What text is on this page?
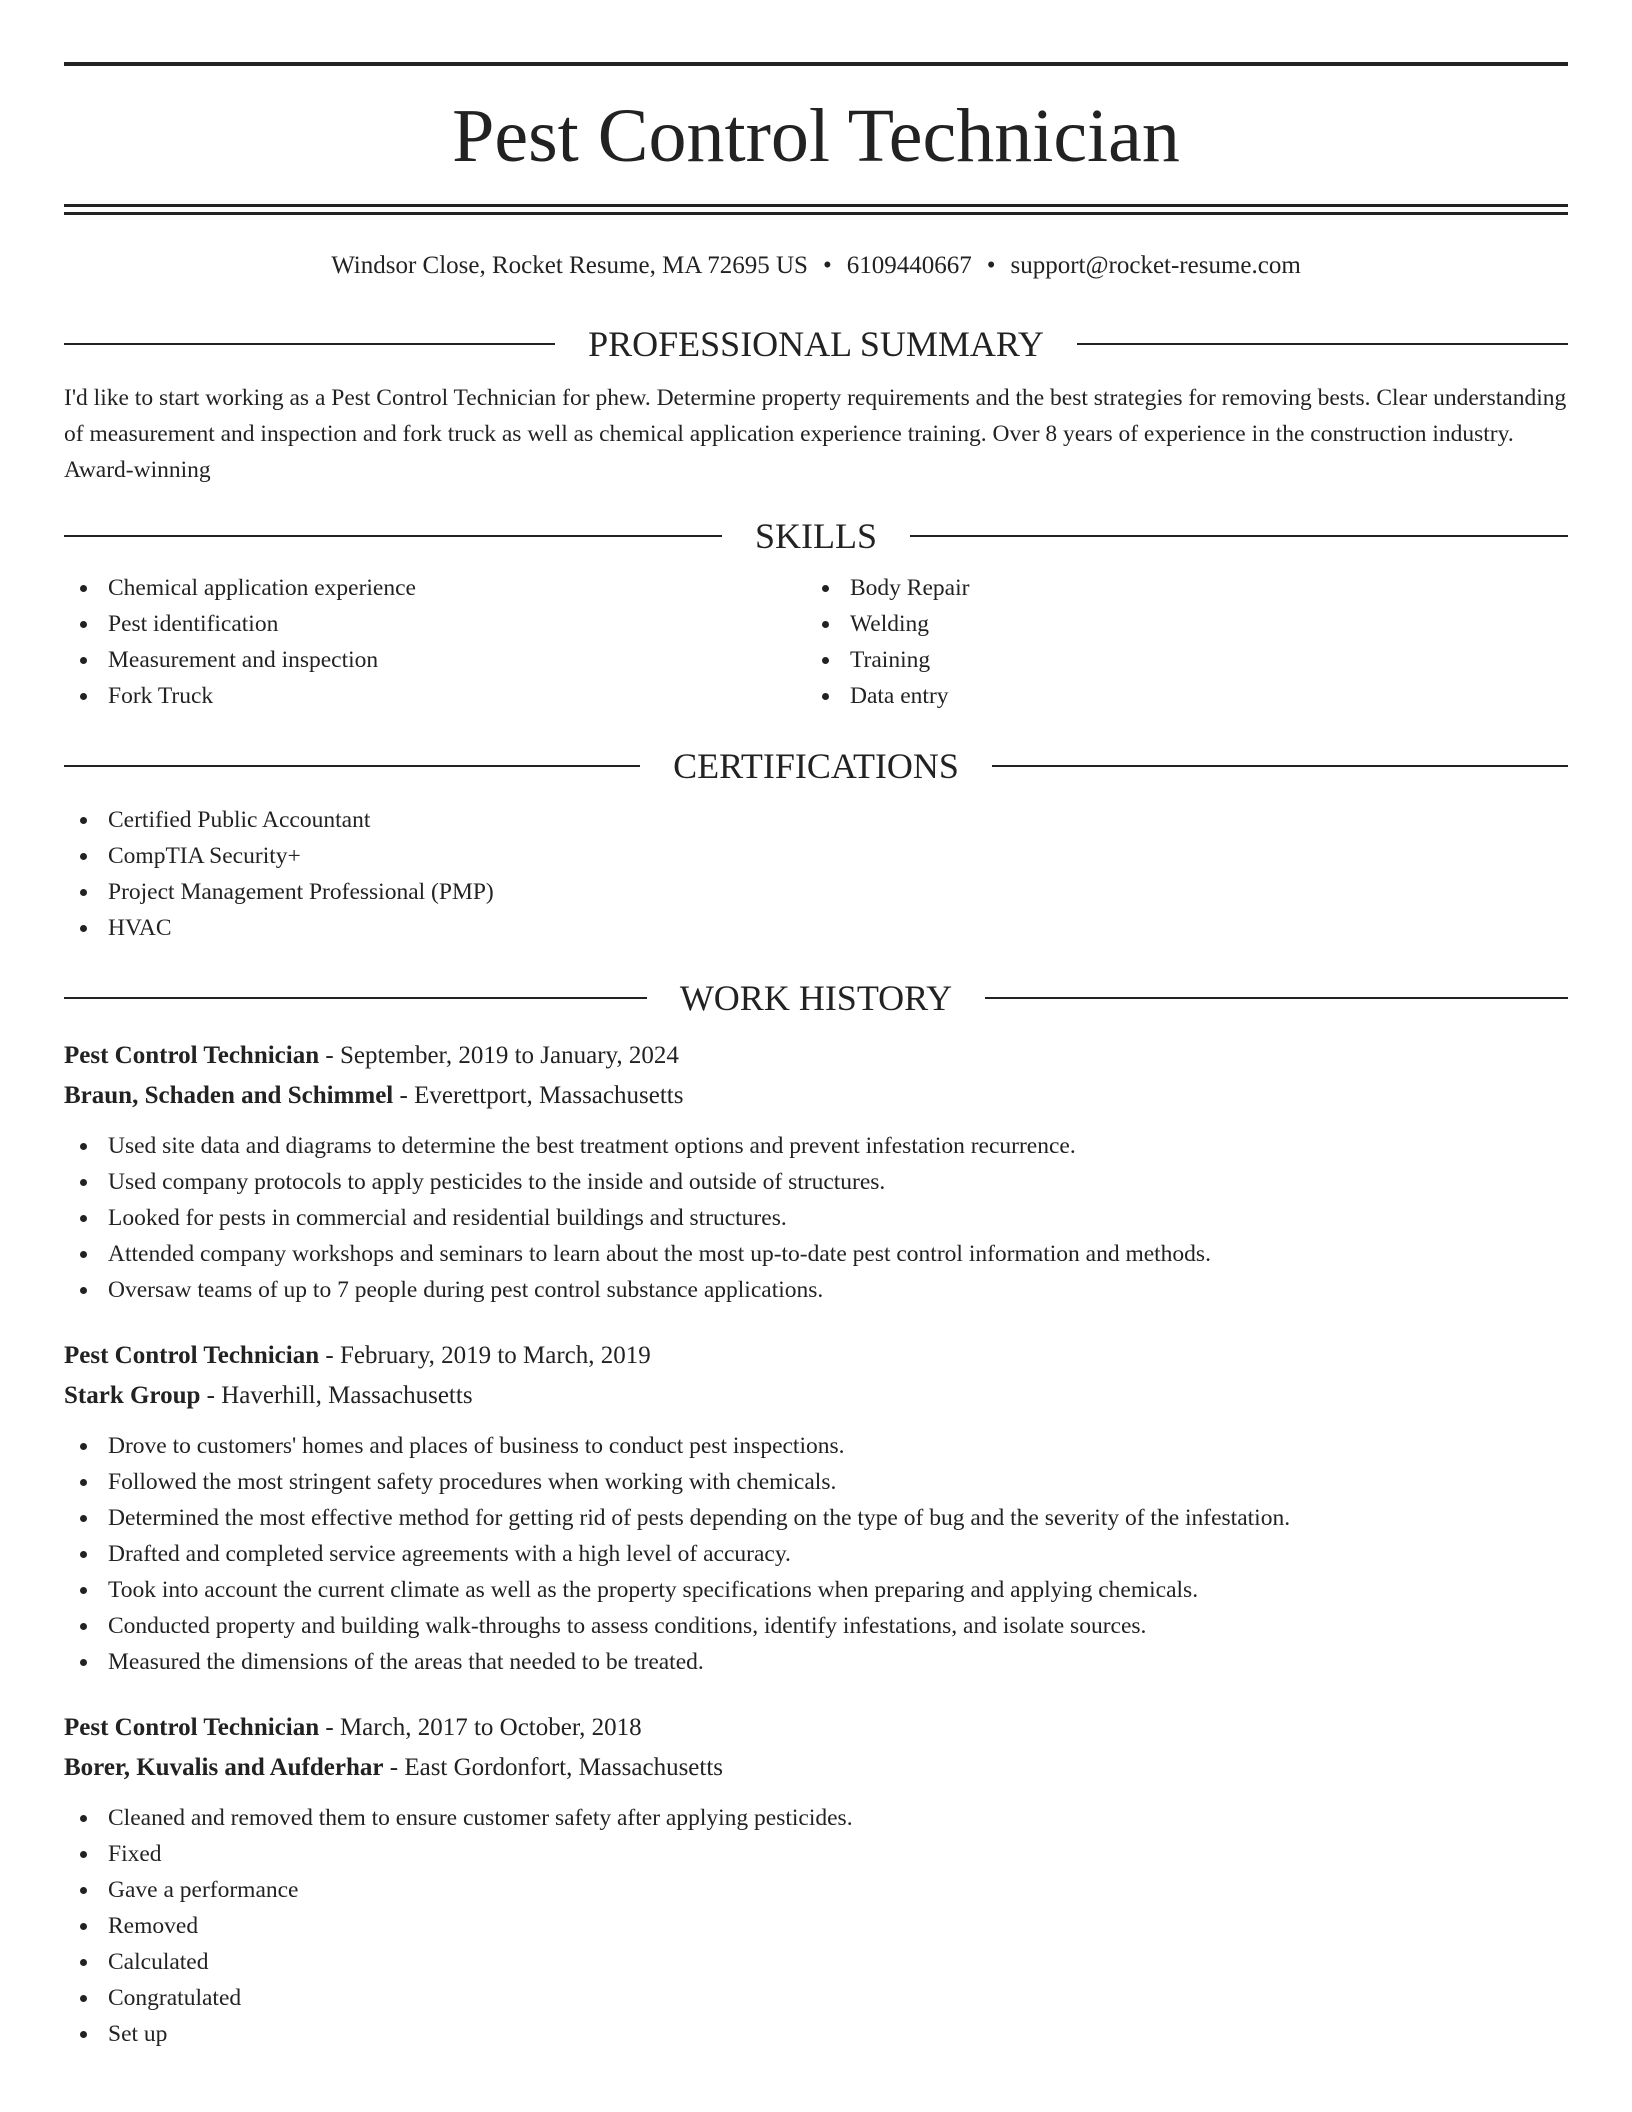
Pest Control Technician
Windsor Close, Rocket Resume, MA 72695 US • 6109440667 • support@rocket-resume.com
PROFESSIONAL SUMMARY

I'd like to start working as a Pest Control Technician for phew. Determine property requirements and the best strategies for removing bests. Clear understanding of measurement and inspection and fork truck as well as chemical application experience training. Over 8 years of experience in the construction industry. Award-winning

SKILLS
Chemical application experience
Pest identification
Measurement and inspection
Fork Truck
Body Repair
Welding
Training
Data entry
CERTIFICATIONS
Certified Public Accountant
CompTIA Security+
Project Management Professional (PMP)
HVAC
WORK HISTORY
Pest Control Technician - September, 2019 to January, 2024
Braun, Schaden and Schimmel - Everettport, Massachusetts
Used site data and diagrams to determine the best treatment options and prevent infestation recurrence.
Used company protocols to apply pesticides to the inside and outside of structures.
Looked for pests in commercial and residential buildings and structures.
Attended company workshops and seminars to learn about the most up-to-date pest control information and methods.
Oversaw teams of up to 7 people during pest control substance applications.
Pest Control Technician - February, 2019 to March, 2019
Stark Group - Haverhill, Massachusetts
Drove to customers' homes and places of business to conduct pest inspections.
Followed the most stringent safety procedures when working with chemicals.
Determined the most effective method for getting rid of pests depending on the type of bug and the severity of the infestation.
Drafted and completed service agreements with a high level of accuracy.
Took into account the current climate as well as the property specifications when preparing and applying chemicals.
Conducted property and building walk-throughs to assess conditions, identify infestations, and isolate sources.
Measured the dimensions of the areas that needed to be treated.
Pest Control Technician - March, 2017 to October, 2018
Borer, Kuvalis and Aufderhar - East Gordonfort, Massachusetts
Cleaned and removed them to ensure customer safety after applying pesticides.
Fixed
Gave a performance
Removed
Calculated
Congratulated
Set up
